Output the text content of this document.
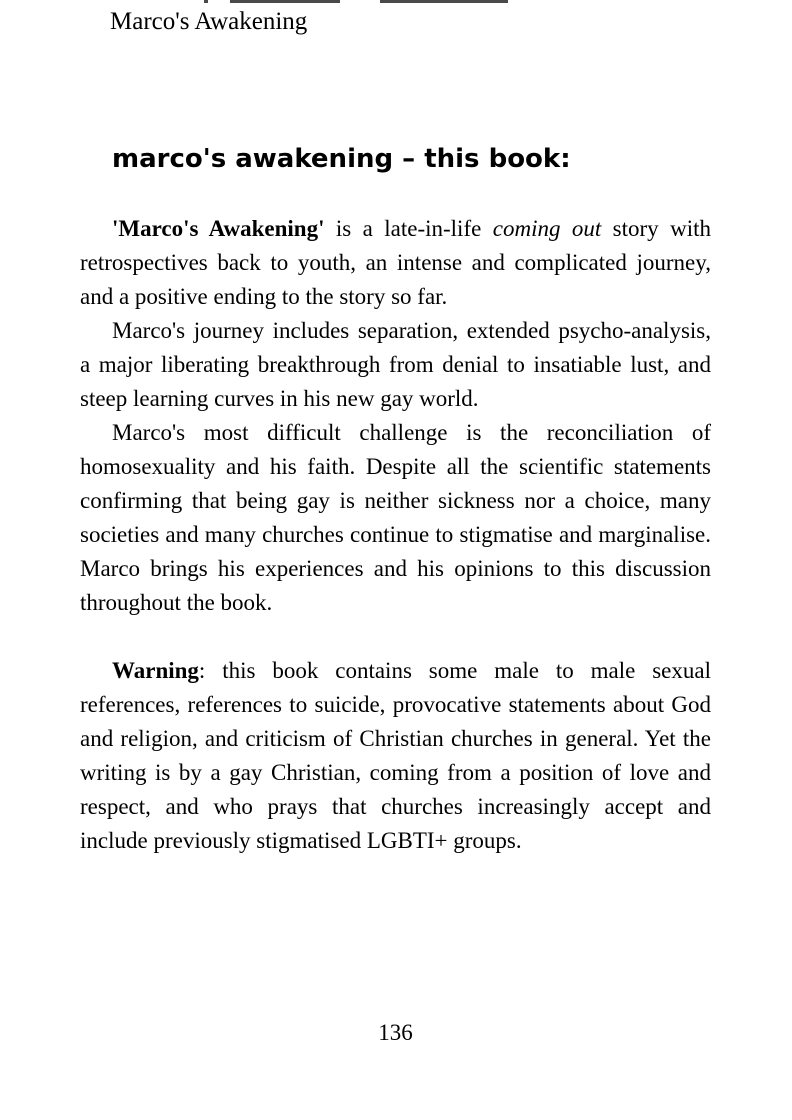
Marco's Awakening
marco's awakening – this book:

'Marco's Awakening' is a late-in-life coming out story with retrospectives back to youth, an intense and complicated journey, and a positive ending to the story so far.

Marco's journey includes separation, extended psycho-analysis, a major liberating breakthrough from denial to insatiable lust, and steep learning curves in his new gay world.

Marco's most difficult challenge is the reconciliation of homosexuality and his faith. Despite all the scientific statements confirming that being gay is neither sickness nor a choice, many societies and many churches continue to stigmatise and marginalise. Marco brings his experiences and his opinions to this discussion throughout the book.

Warning: this book contains some male to male sexual references, references to suicide, provocative statements about God and religion, and criticism of Christian churches in general. Yet the writing is by a gay Christian, coming from a position of love and respect, and who prays that churches increasingly accept and include previously stigmatised LGBTI+ groups.

136
